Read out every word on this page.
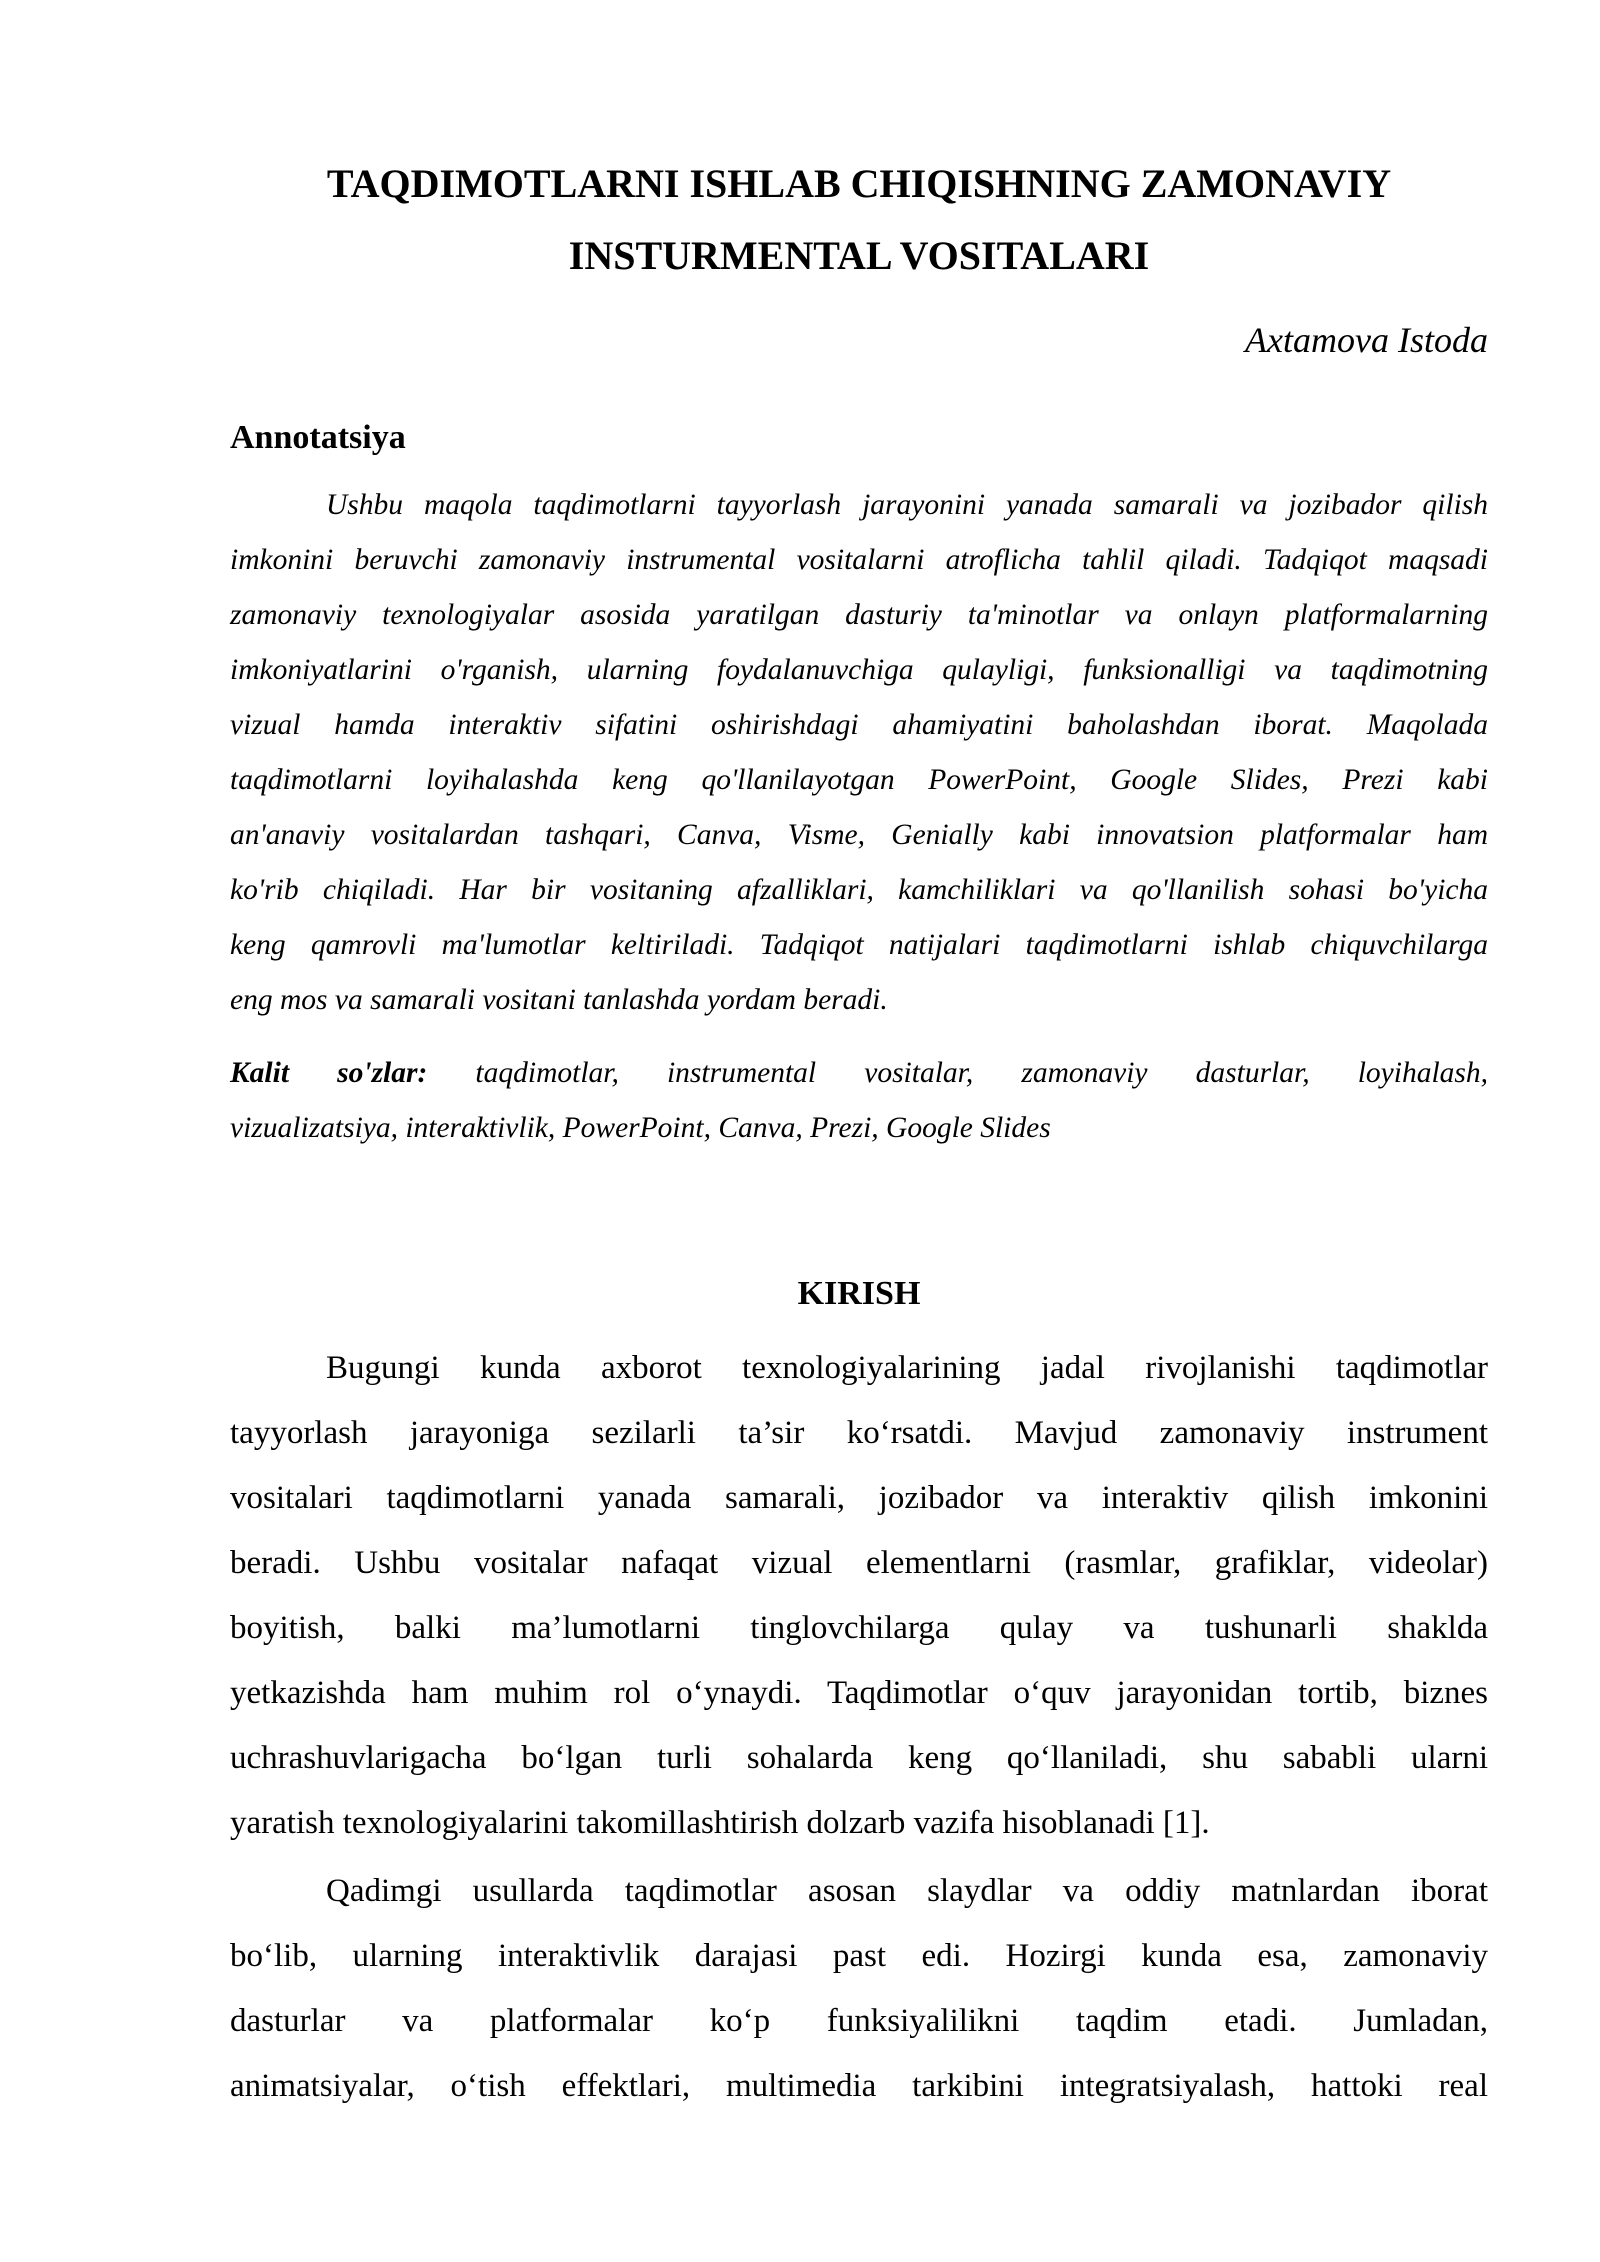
TAQDIMOTLARNI ISHLAB CHIQISHNING ZAMONAVIY
INSTURMENTAL VOSITALARI

Axtamova Istoda

Annotatsiya

Ushbu maqola taqdimotlarni tayyorlash jarayonini yanada samarali va jozibador qilish

imkonini beruvchi zamonaviy instrumental vositalarni atroflicha tahlil qiladi. Tadqiqot maqsadi

zamonaviy texnologiyalar asosida yaratilgan dasturiy ta'minotlar va onlayn platformalarning

imkoniyatlarini o'rganish, ularning foydalanuvchiga qulayligi, funksionalligi va taqdimotning

vizual hamda interaktiv sifatini oshirishdagi ahamiyatini baholashdan iborat. Maqolada

taqdimotlarni loyihalashda keng qo'llanilayotgan PowerPoint, Google Slides, Prezi kabi

an'anaviy vositalardan tashqari, Canva, Visme, Genially kabi innovatsion platformalar ham

ko'rib chiqiladi. Har bir vositaning afzalliklari, kamchiliklari va qo'llanilish sohasi bo'yicha

keng qamrovli ma'lumotlar keltiriladi. Tadqiqot natijalari taqdimotlarni ishlab chiquvchilarga

eng mos va samarali vositani tanlashda yordam beradi.

Kalit so'zlar: taqdimotlar, instrumental vositalar, zamonaviy dasturlar, loyihalash,

vizualizatsiya, interaktivlik, PowerPoint, Canva, Prezi, Google Slides

KIRISH

Bugungi kunda axborot texnologiyalarining jadal rivojlanishi taqdimotlar

tayyorlash jarayoniga sezilarli ta’sir ko‘rsatdi. Mavjud zamonaviy instrument

vositalari taqdimotlarni yanada samarali, jozibador va interaktiv qilish imkonini

beradi. Ushbu vositalar nafaqat vizual elementlarni (rasmlar, grafiklar, videolar)

boyitish, balki ma’lumotlarni tinglovchilarga qulay va tushunarli shaklda

yetkazishda ham muhim rol o‘ynaydi. Taqdimotlar o‘quv jarayonidan tortib, biznes

uchrashuvlarigacha bo‘lgan turli sohalarda keng qo‘llaniladi, shu sababli ularni

yaratish texnologiyalarini takomillashtirish dolzarb vazifa hisoblanadi [1].

Qadimgi usullarda taqdimotlar asosan slaydlar va oddiy matnlardan iborat

bo‘lib, ularning interaktivlik darajasi past edi. Hozirgi kunda esa, zamonaviy

dasturlar va platformalar ko‘p funksiyalilikni taqdim etadi. Jumladan,

animatsiyalar, o‘tish effektlari, multimedia tarkibini integratsiyalash, hattoki real
